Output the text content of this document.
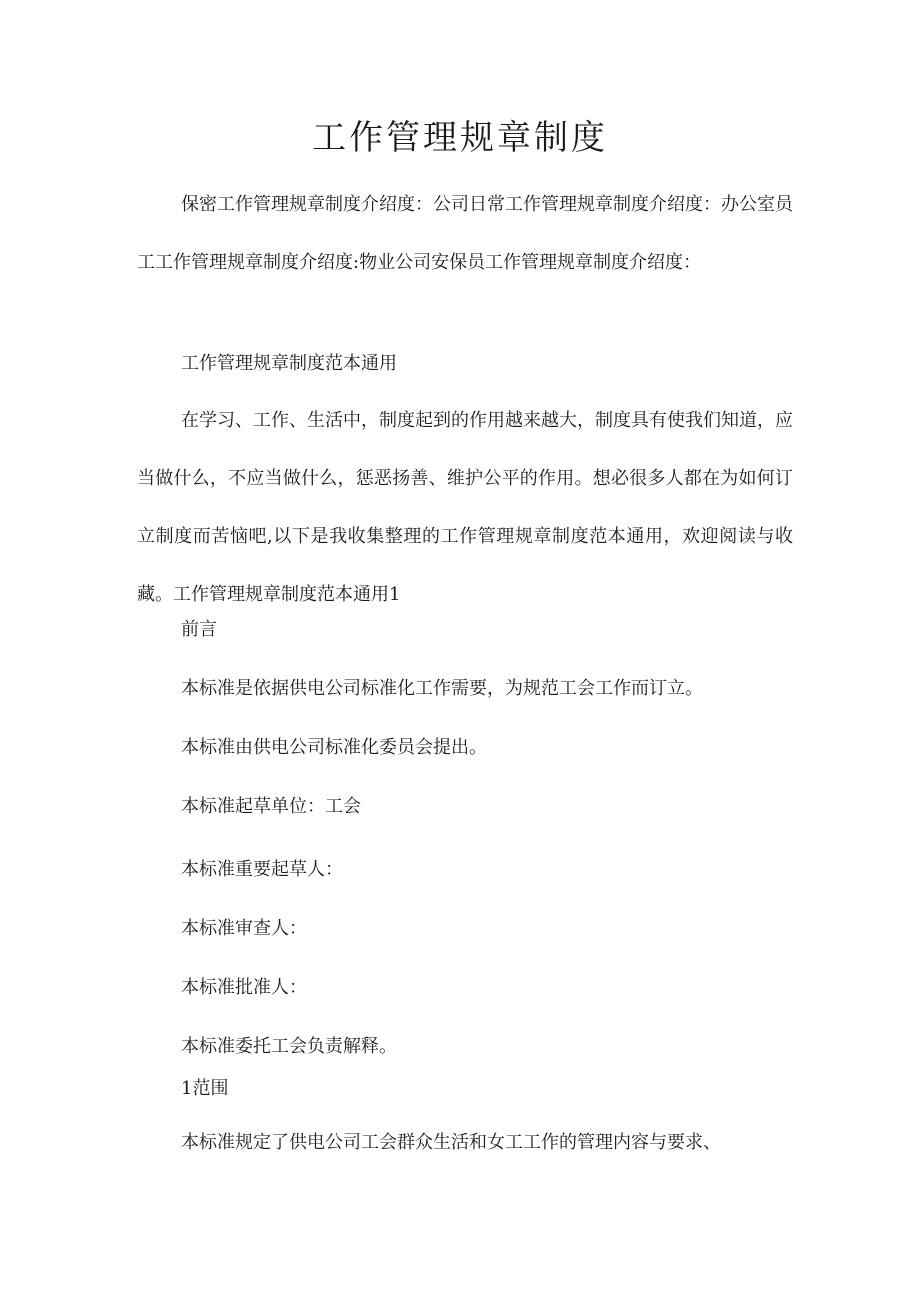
工作管理规章制度

保密工作管理规章制度介绍度：公司日常工作管理规章制度介绍度：办公室员工工作管理规章制度介绍度:物业公司安保员工作管理规章制度介绍度：

工作管理规章制度范本通用

在学习、工作、生活中，制度起到的作用越来越大，制度具有使我们知道，应当做什么，不应当做什么，惩恶扬善、维护公平的作用。想必很多人都在为如何订立制度而苦恼吧,以下是我收集整理的工作管理规章制度范本通用，欢迎阅读与收藏。工作管理规章制度范本通用1

前言

本标准是依据供电公司标准化工作需要，为规范工会工作而订立。

本标准由供电公司标准化委员会提出。

本标准起草单位：工会

本标准重要起草人：

本标准审查人：

本标准批准人：

本标准委托工会负责解释。

1范围

本标准规定了供电公司工会群众生活和女工工作的管理内容与要求、
